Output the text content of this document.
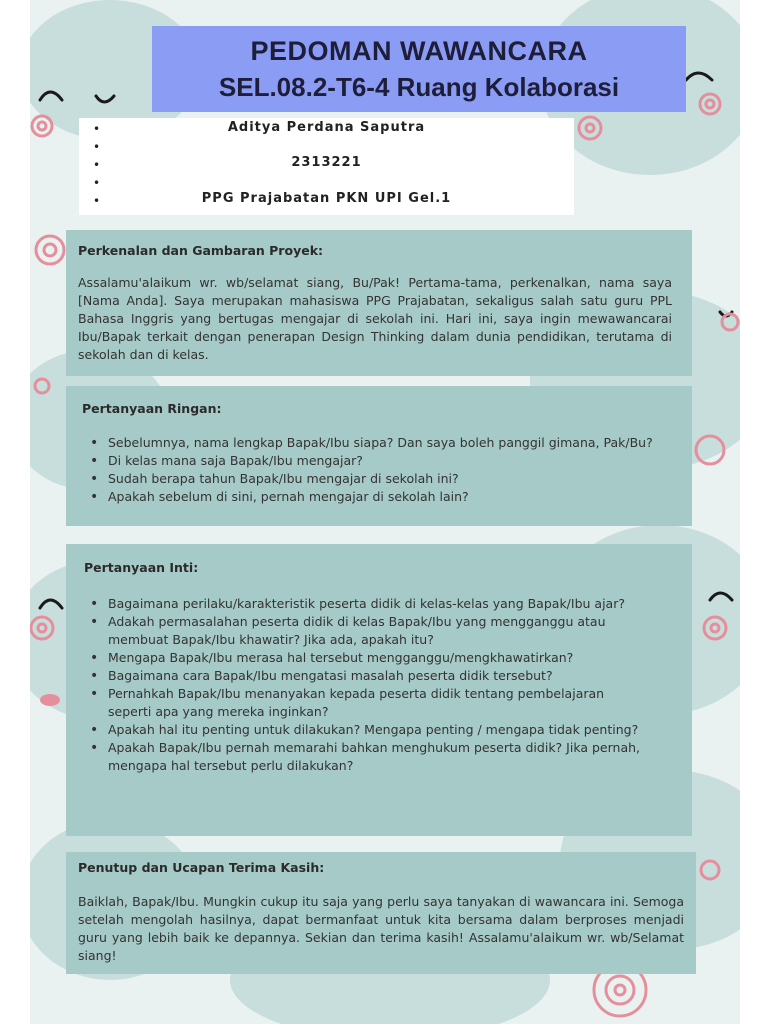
PEDOMAN WAWANCARA
SEL.08.2-T6-4 Ruang Kolaborasi
•
•
•
•
•
Aditya Perdana Saputra
2313221
PPG Prajabatan PKN UPI Gel.1
Perkenalan dan Gambaran Proyek:
Assalamu'alaikum wr. wb/selamat siang, Bu/Pak! Pertama-tama, perkenalkan, nama saya [Nama Anda]. Saya merupakan mahasiswa PPG Prajabatan, sekaligus salah satu guru PPL Bahasa Inggris yang bertugas mengajar di sekolah ini. Hari ini, saya ingin mewawancarai Ibu/Bapak terkait dengan penerapan Design Thinking dalam dunia pendidikan, terutama di sekolah dan di kelas.
Pertanyaan Ringan:
• Sebelumnya, nama lengkap Bapak/Ibu siapa? Dan saya boleh panggil gimana, Pak/Bu?
• Di kelas mana saja Bapak/Ibu mengajar?
• Sudah berapa tahun Bapak/Ibu mengajar di sekolah ini?
• Apakah sebelum di sini, pernah mengajar di sekolah lain?
Pertanyaan Inti:
• Bagaimana perilaku/karakteristik peserta didik di kelas-kelas yang Bapak/Ibu ajar?
• Adakah permasalahan peserta didik di kelas Bapak/Ibu yang mengganggu atau membuat Bapak/Ibu khawatir? Jika ada, apakah itu?
• Mengapa Bapak/Ibu merasa hal tersebut mengganggu/mengkhawatirkan?
• Bagaimana cara Bapak/Ibu mengatasi masalah peserta didik tersebut?
• Pernahkah Bapak/Ibu menanyakan kepada peserta didik tentang pembelajaran seperti apa yang mereka inginkan?
• Apakah hal itu penting untuk dilakukan? Mengapa penting / mengapa tidak penting?
• Apakah Bapak/Ibu pernah memarahi bahkan menghukum peserta didik? Jika pernah, mengapa hal tersebut perlu dilakukan?
Penutup dan Ucapan Terima Kasih:
Baiklah, Bapak/Ibu. Mungkin cukup itu saja yang perlu saya tanyakan di wawancara ini. Semoga setelah mengolah hasilnya, dapat bermanfaat untuk kita bersama dalam berproses menjadi guru yang lebih baik ke depannya. Sekian dan terima kasih! Assalamu'alaikum wr. wb/Selamat siang!
